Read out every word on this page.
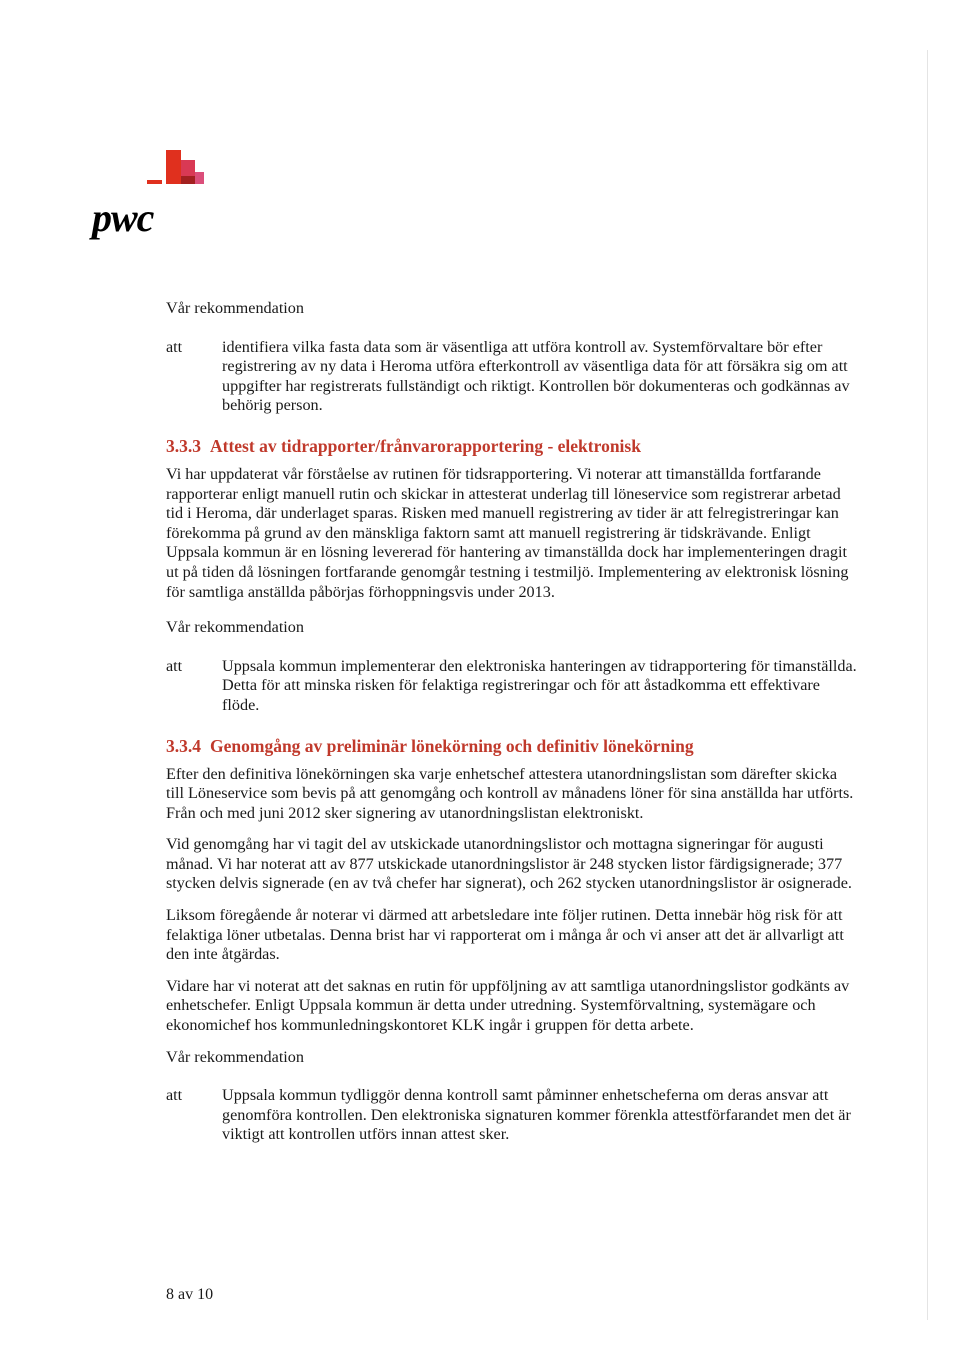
pwc

Vår rekommendation

att	identifiera vilka fasta data som är väsentliga att utföra kontroll av. Systemförvaltare bör efter registrering av ny data i Heroma utföra efterkontroll av väsentliga data för att försäkra sig om att uppgifter har registrerats fullständigt och riktigt. Kontrollen bör dokumenteras och godkännas av behörig person.

3.3.3 Attest av tidrapporter/frånvarorapportering - elektronisk

Vi har uppdaterat vår förståelse av rutinen för tidsrapportering. Vi noterar att timanställda fortfarande rapporterar enligt manuell rutin och skickar in attesterat underlag till löneservice som registrerar arbetad tid i Heroma, där underlaget sparas. Risken med manuell registrering av tider är att felregistreringar kan förekomma på grund av den mänskliga faktorn samt att manuell registrering är tidskrävande. Enligt Uppsala kommun är en lösning levererad för hantering av timanställda dock har implementeringen dragit ut på tiden då lösningen fortfarande genomgår testning i testmiljö. Implementering av elektronisk lösning för samtliga anställda påbörjas förhoppningsvis under 2013.

Vår rekommendation

att	Uppsala kommun implementerar den elektroniska hanteringen av tidrapportering för timanställda. Detta för att minska risken för felaktiga registreringar och för att åstadkomma ett effektivare flöde.

3.3.4 Genomgång av preliminär lönekörning och definitiv lönekörning

Efter den definitiva lönekörningen ska varje enhetschef attestera utanordningslistan som därefter skicka till Löneservice som bevis på att genomgång och kontroll av månadens löner för sina anställda har utförts. Från och med juni 2012 sker signering av utanordningslistan elektroniskt.

Vid genomgång har vi tagit del av utskickade utanordningslistor och mottagna signeringar för augusti månad. Vi har noterat att av 877 utskickade utanordningslistor är 248 stycken listor färdigsignerade; 377 stycken delvis signerade (en av två chefer har signerat), och 262 stycken utanordningslistor är osignerade.

Liksom föregående år noterar vi därmed att arbetsledare inte följer rutinen. Detta innebär hög risk för att felaktiga löner utbetalas. Denna brist har vi rapporterat om i många år och vi anser att det är allvarligt att den inte åtgärdas.

Vidare har vi noterat att det saknas en rutin för uppföljning av att samtliga utanordningslistor godkänts av enhetschefer. Enligt Uppsala kommun är detta under utredning. Systemförvaltning, systemägare och ekonomichef hos kommunledningskontoret KLK ingår i gruppen för detta arbete.

Vår rekommendation

att	Uppsala kommun tydliggör denna kontroll samt påminner enhetscheferna om deras ansvar att genomföra kontrollen. Den elektroniska signaturen kommer förenkla attestförfarandet men det är viktigt att kontrollen utförs innan attest sker.

8 av 10
